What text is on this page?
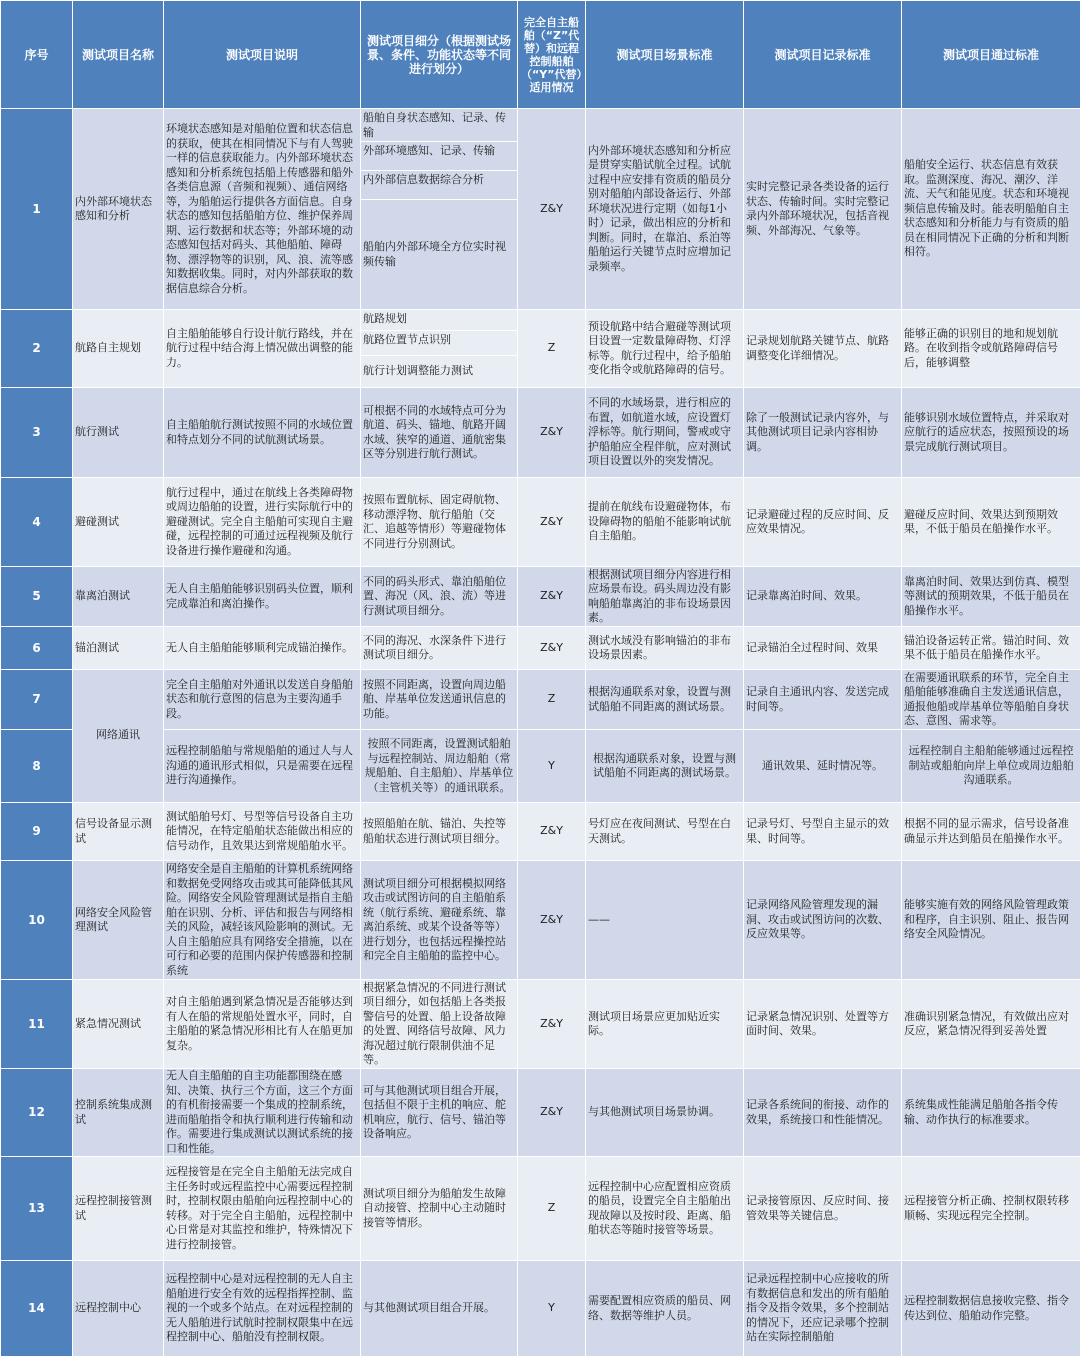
序号	测试项目名称	测试项目说明	测试项目细分（根据测试场景、条件、功能状态等不同进行划分）	完全自主船舶（“Z”代替）和远程控制船舶（“Y”代替）适用情况	测试项目场景标准	测试项目记录标准	测试项目通过标准
1	内外部环境状态感知和分析	环境状态感知是对船舶位置和状态信息的获取，使其在相同情况下与有人驾驶一样的信息获取能力。内外部环境状态感知和分析系统包括船上传感器和船外各类信息源（音频和视频）、通信网络等，为船舶运行提供各方面信息。自身状态的感知包括船舶方位、维护保养周期、运行数据和状态等；外部环境的动态感知包括对码头、其他船舶、障碍物、漂浮物等的识别，风、浪、流等感知数据收集。同时，对内外部获取的数据信息综合分析。	船舶自身状态感知、记录、传输
外部环境感知、记录、传输
内外部信息数据综合分析
船舶内外部环境全方位实时视频传输	Z&Y	内外部环境状态感知和分析应是贯穿实船试航全过程。试航过程中应安排有资质的船员分别对船舶内部设备运行、外部环境状况进行定期（如每1小时）记录，做出相应的分析和判断。同时，在靠泊、系泊等船舶运行关键节点时应增加记录频率。	实时完整记录各类设备的运行状态、传输时间。实时完整记录内外部环境状况，包括音视频、外部海况、气象等。	船舶安全运行、状态信息有效获取。监测深度、海况、潮汐、洋流、天气和能见度。状态和环境视频信息传输及时。能表明船舶自主状态感知和分析能力与有资质的船员在相同情况下正确的分析和判断相符。
2	航路自主规划	自主船舶能够自行设计航行路线，并在航行过程中结合海上情况做出调整的能力。	航路规划
航路位置节点识别
航行计划调整能力测试	Z	预设航路中结合避碰等测试项目设置一定数量障碍物、灯浮标等。航行过程中，给予船舶变化指令或航路障碍的信号。	记录规划航路关键节点、航路调整变化详细情况。	能够正确的识别目的地和规划航路。在收到指令或航路障碍信号后，能够调整
3	航行测试	自主船舶航行测试按照不同的水域位置和特点划分不同的试航测试场景。	可根据不同的水域特点可分为航道、码头、锚地、航路开阔水域、狭窄的通道、通航密集区等分别进行航行测试。	Z&Y	不同的水域场景，进行相应的布置，如航道水域，应设置灯浮标等。航行期间，警戒或守护船舶应全程伴航，应对测试项目设置以外的突发情况。	除了一般测试记录内容外，与其他测试项目记录内容相协调。	能够识别水域位置特点，并采取对应航行的适应状态，按照预设的场景完成航行测试项目。
4	避碰测试	航行过程中，通过在航线上各类障碍物或周边船舶的设置，进行实际航行中的避碰测试。完全自主船舶可实现自主避碰，远程控制的可通过远程视频及航行设备进行操作避碰和沟通。	按照布置航标、固定碍航物、移动漂浮物、航行船舶（交汇、追越等情形）等避碰物体不同进行分别测试。	Z&Y	提前在航线布设避碰物体，布设障碍物的船舶不能影响试航自主船舶。	记录避碰过程的反应时间、反应效果情况。	避碰反应时间、效果达到预期效果，不低于船员在船操作水平。
5	靠离泊测试	无人自主船舶能够识别码头位置，顺利完成靠泊和离泊操作。	不同的码头形式、靠泊船舶位置、海况（风、浪、流）等进行测试项目细分。	Z&Y	根据测试项目细分内容进行相应场景布设。码头周边没有影响船舶靠离泊的非布设场景因素。	记录靠离泊时间、效果。	靠离泊时间、效果达到仿真、模型等测试的预期效果，不低于船员在船操作水平。
6	锚泊测试	无人自主船舶能够顺利完成锚泊操作。	不同的海况、水深条件下进行测试项目细分。	Z&Y	测试水域没有影响锚泊的非布设场景因素。	记录锚泊全过程时间、效果	锚泊设备运转正常。锚泊时间、效果不低于船员在船操作水平。
7	网络通讯	完全自主船舶对外通讯以发送自身船舶状态和航行意图的信息为主要沟通手段。	按照不同距离，设置向周边船舶、岸基单位发送通讯信息的功能。	Z	根据沟通联系对象，设置与测试船舶不同距离的测试场景。	记录自主通讯内容、发送完成时间等。	在需要通讯联系的环节，完全自主船舶能够准确自主发送通讯信息，通报他船或岸基单位等船舶自身状态、意图、需求等。
8		远程控制船舶与常规船舶的通过人与人沟通的通讯形式相似，只是需要在远程进行沟通操作。	按照不同距离，设置测试船舶与远程控制站、周边船舶（常规船舶、自主船舶）、岸基单位（主管机关等）的通讯联系。	Y	根据沟通联系对象，设置与测试船舶不同距离的测试场景。	通讯效果、延时情况等。	远程控制自主船舶能够通过远程控制站或船舶向岸上单位或周边船舶沟通联系。
9	信号设备显示测试	测试船舶号灯、号型等信号设备自主功能情况，在特定船舶状态能做出相应的信号动作，且效果达到常规船舶水平。	按照船舶在航、锚泊、失控等船舶状态进行测试项目细分。	Z&Y	号灯应在夜间测试、号型在白天测试。	记录号灯、号型自主显示的效果、时间等。	根据不同的显示需求，信号设备准确显示并达到船员在船操作水平。
10	网络安全风险管理测试	网络安全是自主船舶的计算机系统网络和数据免受网络攻击或其可能降低其风险。网络安全风险管理测试是指自主船舶在识别、分析、评估和报告与网络相关的风险，减轻该风险影响的测试。无人自主船舶应具有网络安全措施，以在可行和必要的范围内保护传感器和控制系统	测试项目细分可根据模拟网络攻击或试图访问的自主船舶系统（航行系统、避碰系统、靠离泊系统、或某个设备等等）进行划分，也包括远程操控站和完全自主船舶的监控中心。	Z&Y	——	记录网络风险管理发现的漏洞、攻击或试图访问的次数、反应效果等。	能够实施有效的网络风险管理政策和程序，自主识别、阻止、报告网络安全风险情况。
11	紧急情况测试	对自主船舶遇到紧急情况是否能够达到有人在船的常规船处置水平，同时，自主船舶的紧急情况形相比有人在船更加复杂。	根据紧急情况的不同进行测试项目细分，如包括船上各类报警信号的处置、船上设备故障的处置、网络信号故障、风力海况超过航行限制供油不足等。	Z&Y	测试项目场景应更加贴近实际。	记录紧急情况识别、处置等方面时间、效果。	准确识别紧急情况，有效做出应对反应，紧急情况得到妥善处置
12	控制系统集成测试	无人自主船舶的自主功能都围绕在感知、决策、执行三个方面，这三个方面的有机衔接需要一个集成的控制系统，进而船舶指令和执行顺利进行传输和动作。需要进行集成测试以测试系统的接口和性能。	可与其他测试项目组合开展，包括但不限于主机的响应、舵机响应，航行、信号、锚泊等设备响应。	Z&Y	与其他测试项目场景协调。	记录各系统间的衔接、动作的效果，系统接口和性能情况。	系统集成性能满足船舶各指令传输、动作执行的标准要求。
13	远程控制接管测试	远程接管是在完全自主船舶无法完成自主任务时或远程监控中心需要远程控制时，控制权限由船舶向远程控制中心的转移。对于完全自主船舶，远程控制中心日常是对其监控和维护，特殊情况下进行控制接管。	测试项目细分为船舶发生故障自动接管、控制中心主动随时接管等情形。	Z	远程控制中心应配置相应资质的船员，设置完全自主船舶出现故障以及按时段、距离、船舶状态等随时接管等场景。	记录接管原因、反应时间、接管效果等关键信息。	远程接管分析正确、控制权限转移顺畅、实现远程完全控制。
14	远程控制中心	远程控制中心是对远程控制的无人自主船舶进行安全有效的远程指挥控制、监视的一个或多个站点。在对远程控制的无人船舶进行试航时控制权限集中在远程控制中心、船舶没有控制权限。	与其他测试项目组合开展。	Y	需要配置相应资质的船员、网络、数据等维护人员。	记录远程控制中心应接收的所有数据信息和发出的所有船舶指令及指令效果，多个控制站的情况下，还应记录哪个控制站在实际控制船舶	远程控制数据信息接收完整、指令传达到位、船舶动作完整。
